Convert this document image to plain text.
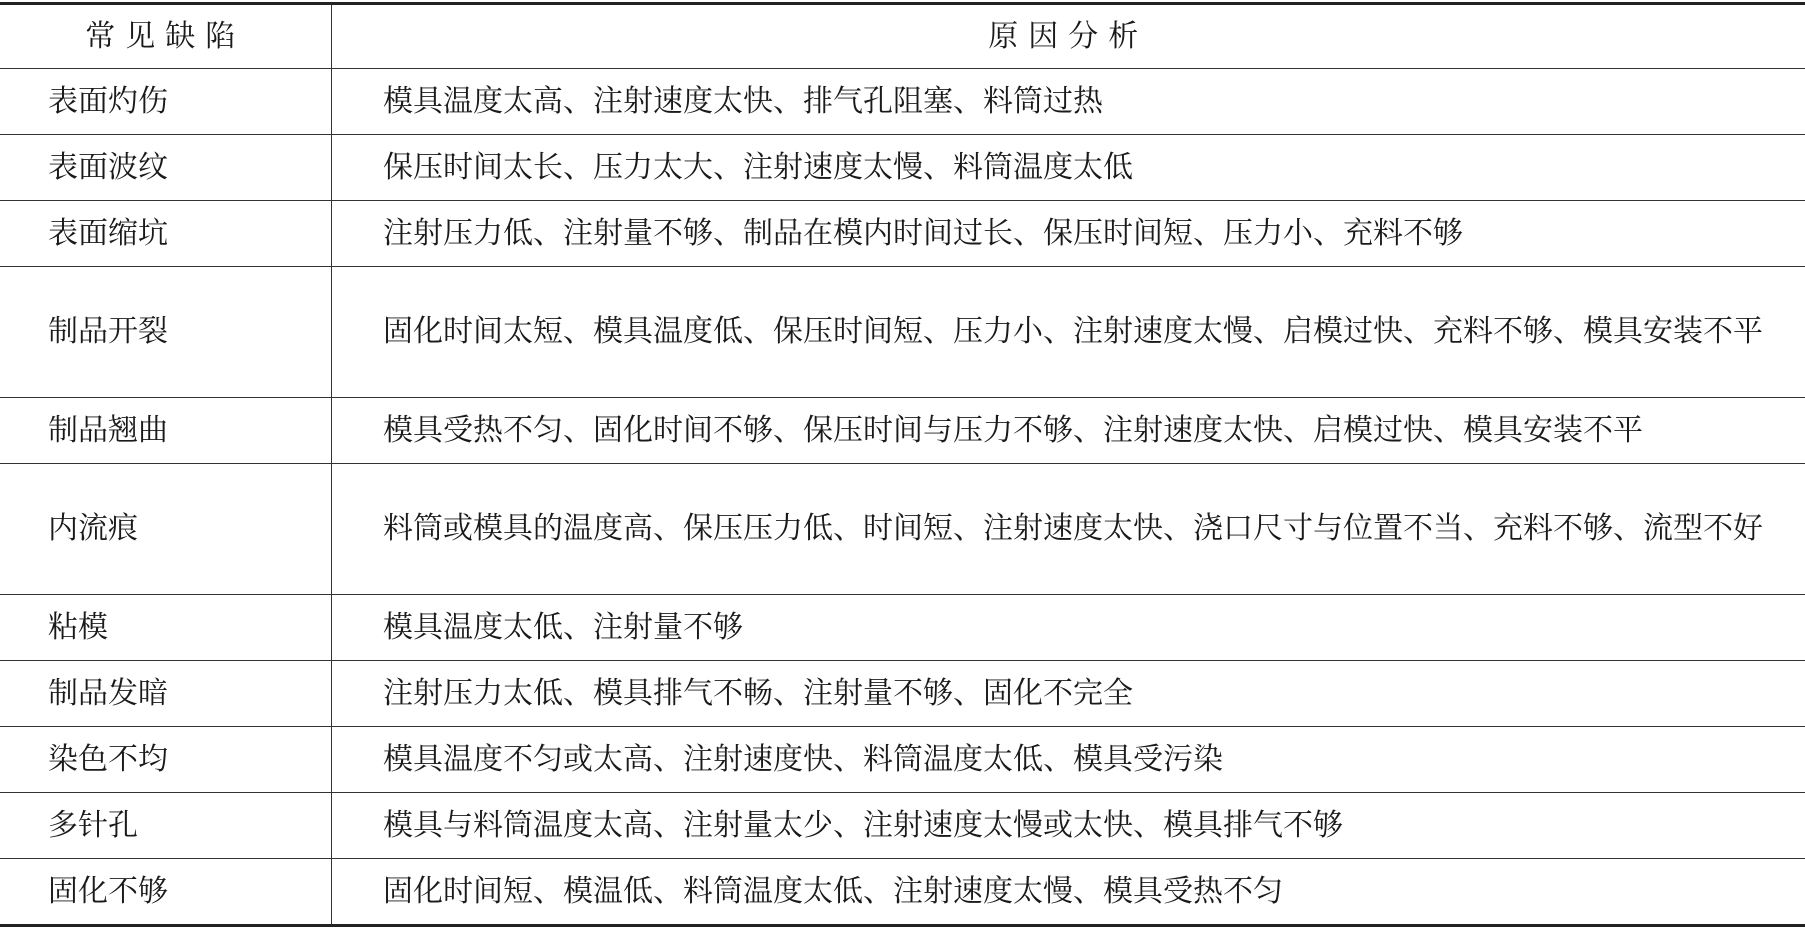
常见缺陷	原因分析
表面灼伤	模具温度太高、注射速度太快、排气孔阻塞、料筒过热
表面波纹	保压时间太长、压力太大、注射速度太慢、料筒温度太低
表面缩坑	注射压力低、注射量不够、制品在模内时间过长、保压时间短、压力小、充料不够
制品开裂	固化时间太短、模具温度低、保压时间短、压力小、注射速度太慢、启模过快、充料不够、模具安装不平
制品翘曲	模具受热不匀、固化时间不够、保压时间与压力不够、注射速度太快、启模过快、模具安装不平
内流痕	料筒或模具的温度高、保压压力低、时间短、注射速度太快、浇口尺寸与位置不当、充料不够、流型不好
粘模	模具温度太低、注射量不够
制品发暗	注射压力太低、模具排气不畅、注射量不够、固化不完全
染色不均	模具温度不匀或太高、注射速度快、料筒温度太低、模具受污染
多针孔	模具与料筒温度太高、注射量太少、注射速度太慢或太快、模具排气不够
固化不够	固化时间短、模温低、料筒温度太低、注射速度太慢、模具受热不匀
